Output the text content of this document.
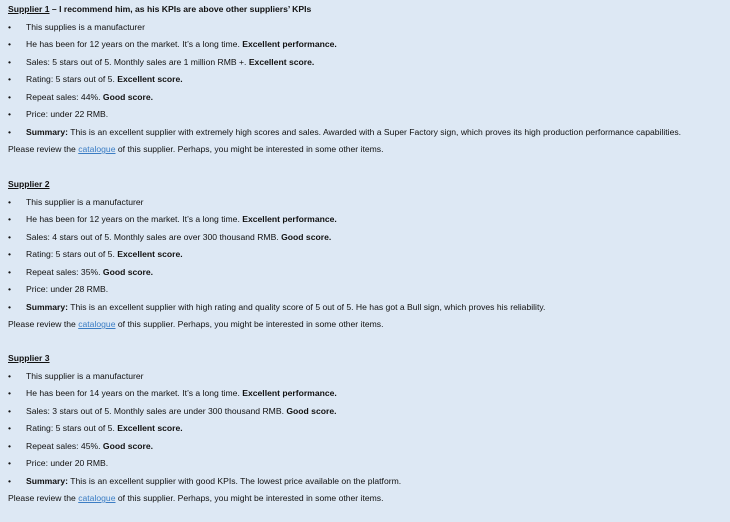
Supplier 1 – I recommend him, as his KPIs are above other suppliers’ KPIs
• This supplies is a manufacturer
• He has been for 12 years on the market. It’s a long time. Excellent performance.
• Sales: 5 stars out of 5. Monthly sales are 1 million RMB +. Excellent score.
• Rating: 5 stars out of 5. Excellent score.
• Repeat sales: 44%. Good score.
• Price: under 22 RMB.
• Summary: This is an excellent supplier with extremely high scores and sales. Awarded with a Super Factory sign, which proves its high production performance capabilities.
Please review the catalogue of this supplier. Perhaps, you might be interested in some other items.
Supplier 2
• This supplier is a manufacturer
• He has been for 12 years on the market. It’s a long time. Excellent performance.
• Sales: 4 stars out of 5. Monthly sales are over 300 thousand RMB. Good score.
• Rating: 5 stars out of 5. Excellent score.
• Repeat sales: 35%. Good score.
• Price: under 28 RMB.
• Summary: This is an excellent supplier with high rating and quality score of 5 out of 5. He has got a Bull sign, which proves his reliability.
Please review the catalogue of this supplier. Perhaps, you might be interested in some other items.
Supplier 3
• This supplier is a manufacturer
• He has been for 14 years on the market. It’s a long time. Excellent performance.
• Sales: 3 stars out of 5. Monthly sales are under 300 thousand RMB. Good score.
• Rating: 5 stars out of 5. Excellent score.
• Repeat sales: 45%. Good score.
• Price: under 20 RMB.
• Summary: This is an excellent supplier with good KPIs. The lowest price available on the platform.
Please review the catalogue of this supplier. Perhaps, you might be interested in some other items.
